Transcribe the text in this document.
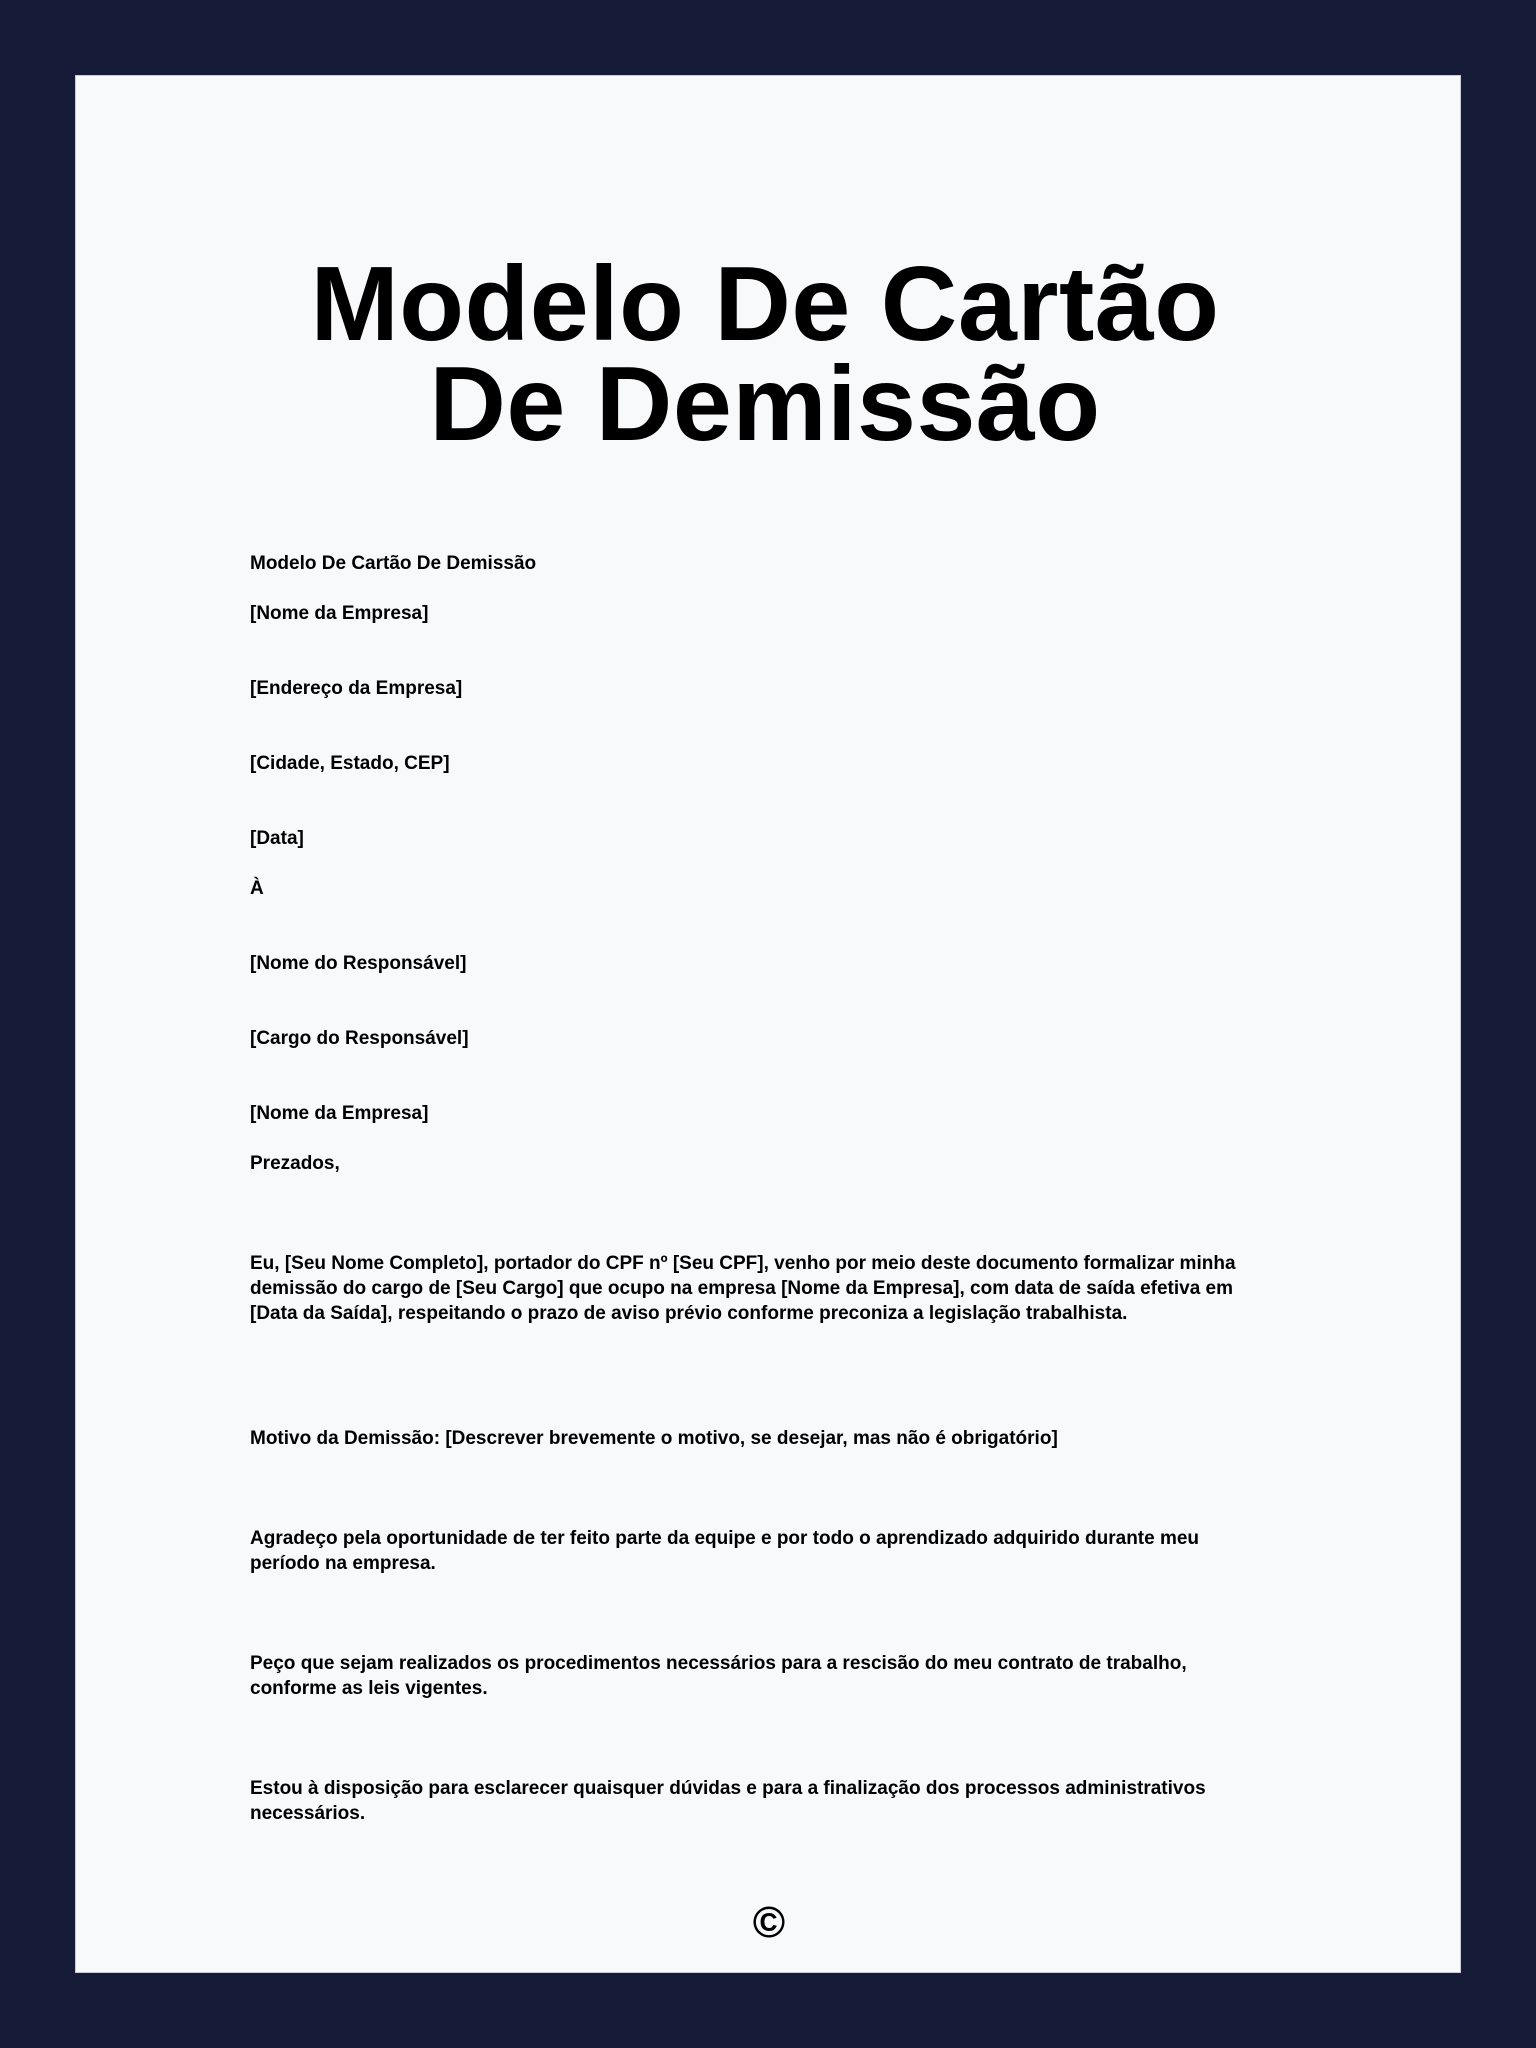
Modelo De Cartão De Demissão

Modelo De Cartão De Demissão

[Nome da Empresa]

[Endereço da Empresa]

[Cidade, Estado, CEP]

[Data]

À

[Nome do Responsável]

[Cargo do Responsável]

[Nome da Empresa]

Prezados,

Eu, [Seu Nome Completo], portador do CPF nº [Seu CPF], venho por meio deste documento formalizar minha demissão do cargo de [Seu Cargo] que ocupo na empresa [Nome da Empresa], com data de saída efetiva em [Data da Saída], respeitando o prazo de aviso prévio conforme preconiza a legislação trabalhista.

Motivo da Demissão: [Descrever brevemente o motivo, se desejar, mas não é obrigatório]

Agradeço pela oportunidade de ter feito parte da equipe e por todo o aprendizado adquirido durante meu período na empresa.

Peço que sejam realizados os procedimentos necessários para a rescisão do meu contrato de trabalho, conforme as leis vigentes.

Estou à disposição para esclarecer quaisquer dúvidas e para a finalização dos processos administrativos necessários.

©
